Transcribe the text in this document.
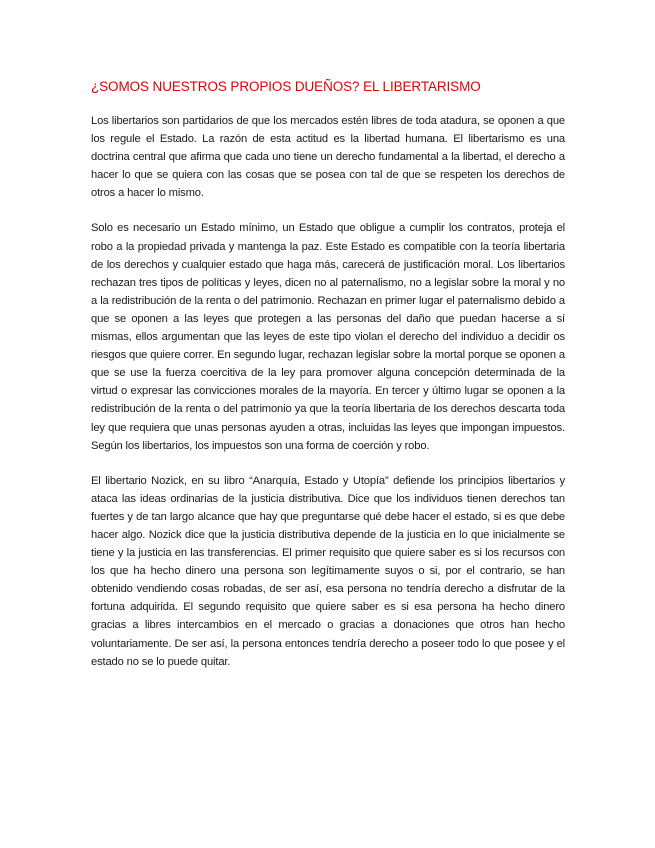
¿SOMOS NUESTROS PROPIOS DUEÑOS? EL LIBERTARISMO

Los libertarios son partidarios de que los mercados estén libres de toda atadura, se oponen a que los regule el Estado. La razón de esta actitud es la libertad humana. El libertarismo es una doctrina central que afirma que cada uno tiene un derecho fundamental a la libertad, el derecho a hacer lo que se quiera con las cosas que se posea con tal de que se respeten los derechos de otros a hacer lo mismo.

Solo es necesario un Estado mínimo, un Estado que obligue a cumplir los contratos, proteja el robo a la propiedad privada y mantenga la paz. Este Estado es compatible con la teoría libertaria de los derechos y cualquier estado que haga más, carecerá de justificación moral. Los libertarios rechazan tres tipos de políticas y leyes, dicen no al paternalismo, no a legislar sobre la moral y no a la redistribución de la renta o del patrimonio. Rechazan en primer lugar el paternalismo debido a que se oponen a las leyes que protegen a las personas del daño que puedan hacerse a sí mismas, ellos argumentan que las leyes de este tipo violan el derecho del individuo a decidir os riesgos que quiere correr. En segundo lugar, rechazan legislar sobre la mortal porque se oponen a que se use la fuerza coercitiva de la ley para promover alguna concepción determinada de la virtud o expresar las convicciones morales de la mayoría. En tercer y último lugar se oponen a la redistribución de la renta o del patrimonio ya que la teoría libertaria de los derechos descarta toda ley que requiera que unas personas ayuden a otras, incluidas las leyes que impongan impuestos. Según los libertarios, los impuestos son una forma de coerción y robo.

El libertario Nozick, en su libro “Anarquía, Estado y Utopía” defiende los principios libertarios y ataca las ideas ordinarias de la justicia distributiva. Dice que los individuos tienen derechos tan fuertes y de tan largo alcance que hay que preguntarse qué debe hacer el estado, si es que debe hacer algo. Nozick dice que la justicia distributiva depende de la justicia en lo que inicialmente se tiene y la justicia en las transferencias. El primer requisito que quiere saber es si los recursos con los que ha hecho dinero una persona son legítimamente suyos o si, por el contrario, se han obtenido vendiendo cosas robadas, de ser así, esa persona no tendría derecho a disfrutar de la fortuna adquirida. El segundo requisito que quiere saber es si esa persona ha hecho dinero gracias a libres intercambios en el mercado o gracias a donaciones que otros han hecho voluntariamente. De ser así, la persona entonces tendría derecho a poseer todo lo que posee y el estado no se lo puede quitar.
